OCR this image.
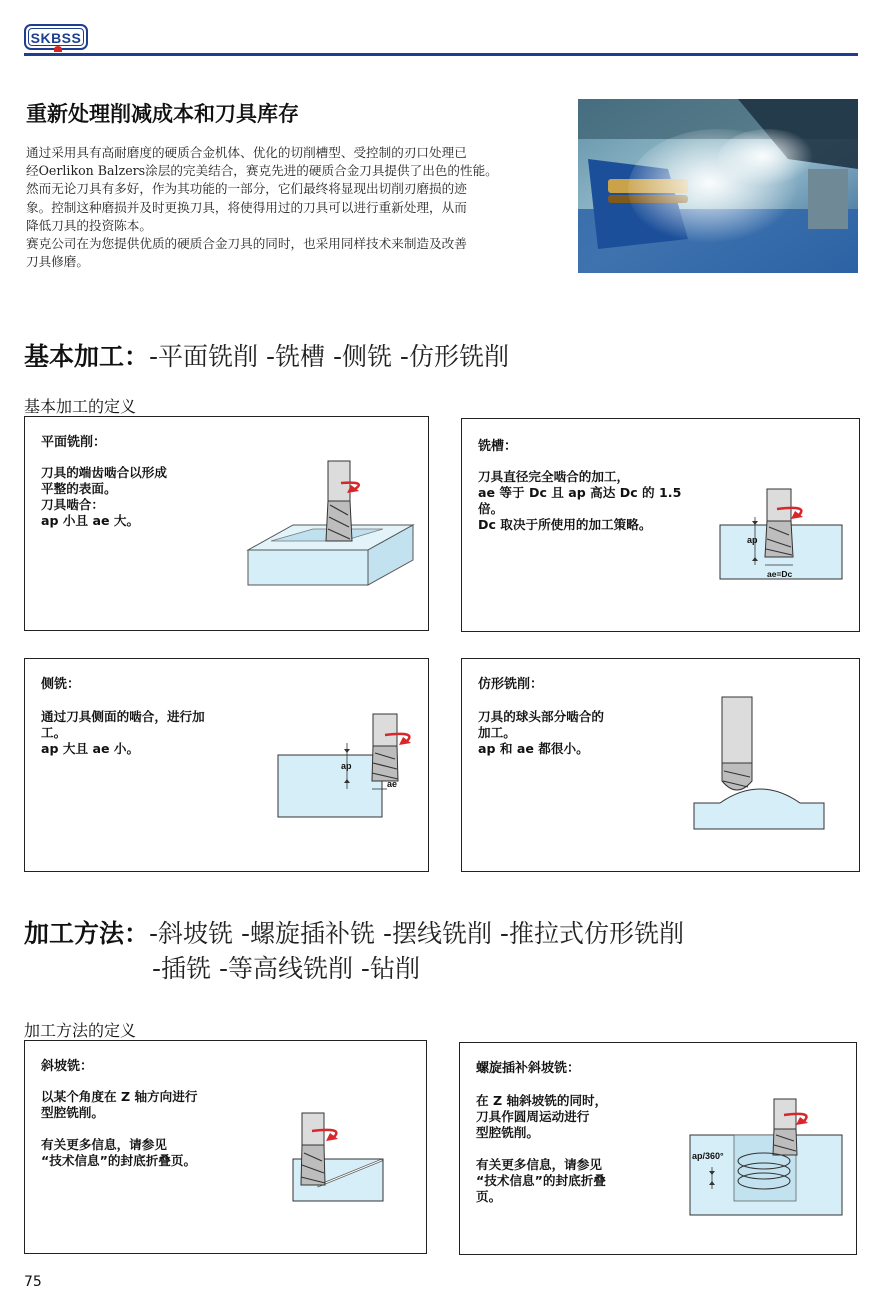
SKBSS
重新处理削减成本和刀具库存

通过采用具有高耐磨度的硬质合金机体、优化的切削槽型、受控制的刃口处理已

经Oerlikon Balzers涂层的完美结合，赛克先进的硬质合金刀具提供了出色的性能。

然而无论刀具有多好，作为其功能的一部分，它们最终将显现出切削刃磨损的迹

象。控制这种磨损并及时更换刀具，将使得用过的刀具可以进行重新处理，从而

降低刀具的投资陈本。

赛克公司在为您提供优质的硬质合金刀具的同时，也采用同样技术来制造及改善

刀具修磨。

基本加工：-平面铣削 -铣槽 -侧铣 -仿形铣削
基本加工的定义
平面铣削：
刀具的端齿啮合以形成
平整的表面。
刀具啮合：
ap 小且 ae 大。
铣槽：
刀具直径完全啮合的加工，
ae 等于 Dc 且 ap 高达 Dc 的 1.5
倍。
Dc 取决于所使用的加工策略。
ap
ae=Dc
侧铣：
通过刀具侧面的啮合，进行加
工。
ap 大且 ae 小。
ap
ae
仿形铣削：
刀具的球头部分啮合的
加工。
ap 和 ae 都很小。
加工方法：-斜坡铣 -螺旋插补铣 -摆线铣削 -推拉式仿形铣削
-插铣 -等高线铣削 -钻削
加工方法的定义
斜坡铣：
以某个角度在 Z 轴方向进行
型腔铣削。
有关更多信息，请参见
“技术信息”的封底折叠页。
螺旋插补斜坡铣：
在 Z 轴斜坡铣的同时，
刀具作圆周运动进行
型腔铣削。
有关更多信息，请参见
“技术信息”的封底折叠
页。
ap/360°
75
